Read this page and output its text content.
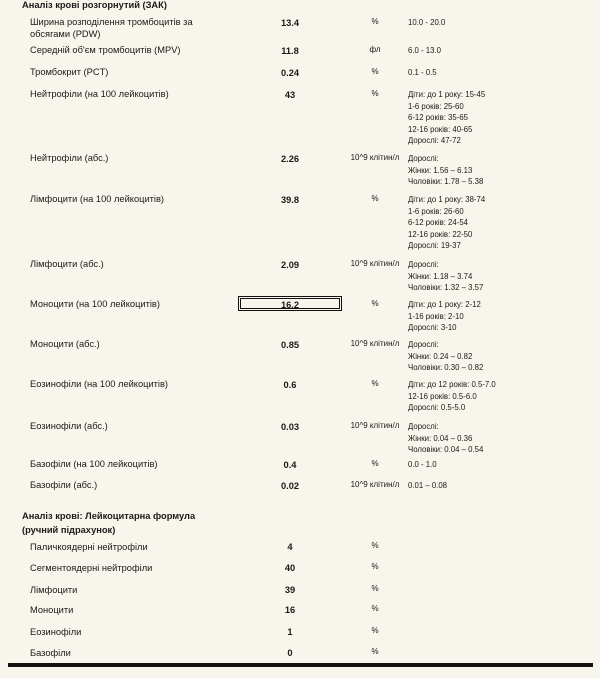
Аналіз крові розгорнутий (ЗАК)
Ширина розподілення тромбоцитів за обсягами (PDW)
13.4	%	10.0 - 20.0
Середній об'єм тромбоцитів (MPV)	11.8	фл	6.0 - 13.0
Тромбокрит (PCT)	0.24	%	0.1 - 0.5
Нейтрофіли (на 100 лейкоцитів)	43	%	Діти: до 1 року: 15-45
1-6 років: 25-60
6-12 років: 35-65
12-16 років: 40-65
Дорослі: 47-72
Нейтрофіли (абс.)	2.26	10^9 клітин/л	Дорослі:
Жінки: 1.56 – 6.13
Чоловіки: 1.78 – 5.38
Лімфоцити (на 100 лейкоцитів)	39.8	%	Діти: до 1 року: 38-74
1-6 років: 26-60
6-12 років: 24-54
12-16 років: 22-50
Дорослі: 19-37
Лімфоцити (абс.)	2.09	10^9 клітин/л	Дорослі:
Жінки: 1.18 – 3.74
Чоловіки: 1.32 – 3.57
Моноцити (на 100 лейкоцитів)	16.2	%	Діти: до 1 року: 2-12
1-16 років: 2-10
Дорослі: 3-10
Моноцити (абс.)	0.85	10^9 клітин/л	Дорослі:
Жінки: 0.24 – 0.82
Чоловіки: 0.30 – 0.82
Еозинофіли (на 100 лейкоцитів)	0.6	%	Діти: до 12 років: 0.5-7.0
12-16 років: 0.5-6.0
Дорослі: 0.5-5.0
Еозинофіли (абс.)	0.03	10^9 клітин/л	Дорослі:
Жінки: 0.04 – 0.36
Чоловіки: 0.04 – 0.54
Базофіли (на 100 лейкоцитів)	0.4	%	0.0 - 1.0
Базофіли (абс.)	0.02	10^9 клітин/л	0.01 – 0.08
Аналіз крові: Лейкоцитарна формула
(ручний підрахунок)
Паличкоядерні нейтрофіли	4	%
Сегментоядерні нейтрофіли	40	%
Лімфоцити	39	%
Моноцити	16	%
Еозинофіли	1	%
Базофіли	0	%
